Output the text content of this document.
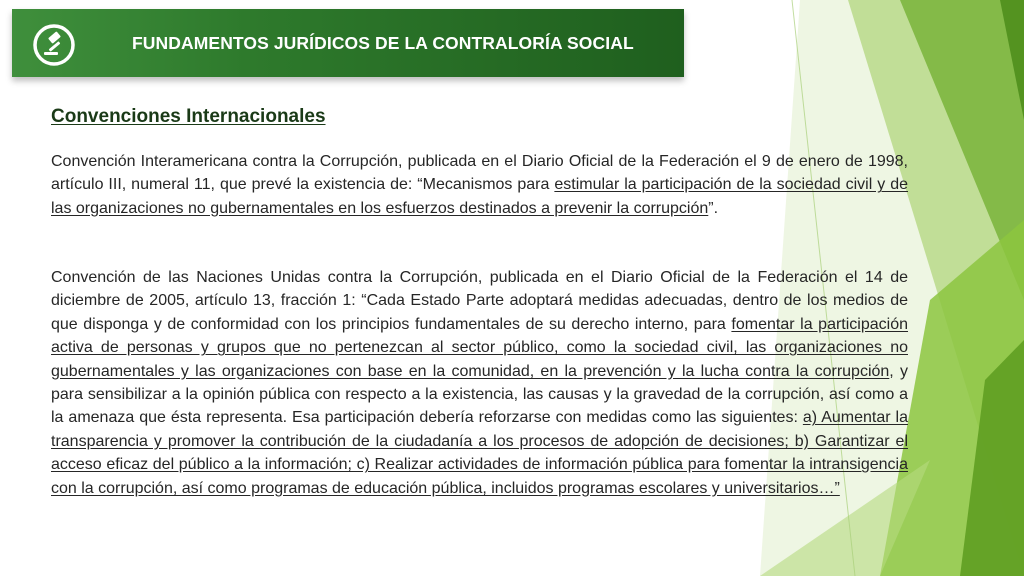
FUNDAMENTOS JURÍDICOS DE LA CONTRALORÍA SOCIAL
Convenciones Internacionales

Convención Interamericana contra la Corrupción, publicada en el Diario Oficial de la Federación el 9 de enero de 1998, artículo III, numeral 11, que prevé la existencia de: “Mecanismos para estimular la participación de la sociedad civil y de las organizaciones no gubernamentales en los esfuerzos destinados a prevenir la corrupción”.

Convención de las Naciones Unidas contra la Corrupción, publicada en el Diario Oficial de la Federación el 14 de diciembre de 2005, artículo 13, fracción 1: “Cada Estado Parte adoptará medidas adecuadas, dentro de los medios de que disponga y de conformidad con los principios fundamentales de su derecho interno, para fomentar la participación activa de personas y grupos que no pertenezcan al sector público, como la sociedad civil, las organizaciones no gubernamentales y las organizaciones con base en la comunidad, en la prevención y la lucha contra la corrupción, y para sensibilizar a la opinión pública con respecto a la existencia, las causas y la gravedad de la corrupción, así como a la amenaza que ésta representa. Esa participación debería reforzarse con medidas como las siguientes: a) Aumentar la transparencia y promover la contribución de la ciudadanía a los procesos de adopción de decisiones; b) Garantizar el acceso eficaz del público a la información; c) Realizar actividades de información pública para fomentar la intransigencia con la corrupción, así como programas de educación pública, incluidos programas escolares y universitarios…”
